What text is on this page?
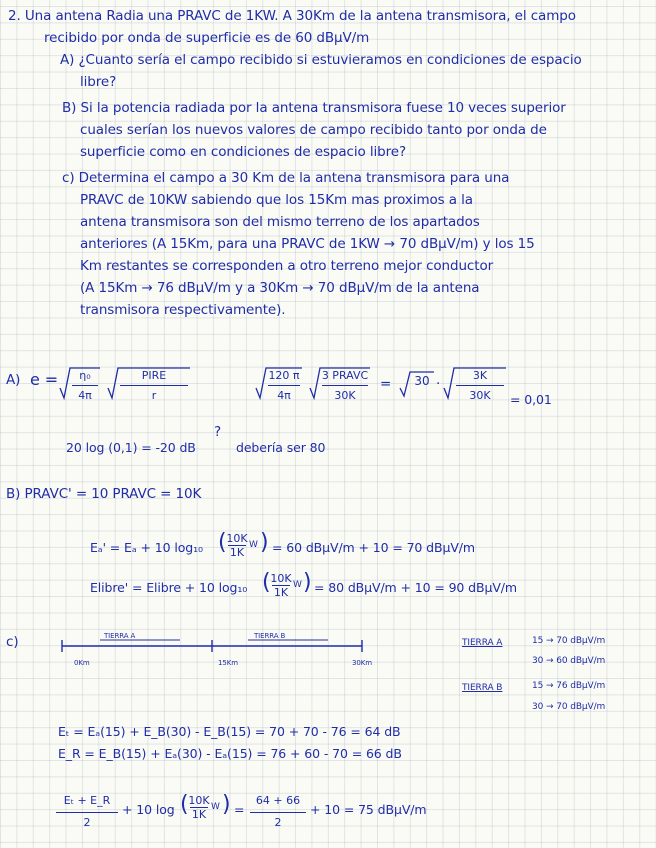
2. Una antena Radia una PRAVC de 1KW. A 30Km de la antena transmisora, el campo
recibido por onda de superficie es de 60 dBµV/m
A) ¿Cuanto sería el campo recibido si estuvieramos en condiciones de espacio
libre?
B) Si la potencia radiada por la antena transmisora fuese 10 veces superior
cuales serían los nuevos valores de campo recibido tanto por onda de
superficie como en condiciones de espacio libre?
c) Determina el campo a 30 Km de la antena transmisora para una
PRAVC de 10KW sabiendo que los 15Km mas proximos a la
antena transmisora son del mismo terreno de los apartados
anteriores (A 15Km, para una PRAVC de 1KW → 70 dBµV/m) y los 15
Km restantes se corresponden a otro terreno mejor conductor
(A 15Km → 76 dBµV/m y a 30Km → 70 dBµV/m de la antena
transmisora respectivamente).
A) e =	η₀
4π
PIRE
r
120 π
4π
3 PRAVC
30K
=	30 ·
3K
30K	= 0,01
20 log (0,1) = -20 dB
?
debería ser 80
B) PRAVC' = 10 PRAVC = 10K
Eₐ' = Eₐ + 10 log₁₀ ( 10K
1K
W ) = 60 dBµV/m + 10 = 70 dBµV/m
Elibre' = Elibre + 10 log₁₀ ( 10K
1K
W ) = 80 dBµV/m + 10 = 90 dBµV/m
c)	TIERRA A	TIERRA B
0Km	15Km	30Km
TIERRA A	15 → 70 dBµV/m
30 → 60 dBµV/m
TIERRA B	15 → 76 dBµV/m
30 → 70 dBµV/m
Eₜ = Eₐ(15) + E_B(30) - E_B(15) = 70 + 70 - 76 = 64 dB
E_R = E_B(15) + Eₐ(30) - Eₐ(15) = 76 + 60 - 70 = 66 dB
Eₜ + E_R
2
+ 10 log ( 10K
1K
W ) =
64 + 66
2
+ 10 = 75 dBµV/m
